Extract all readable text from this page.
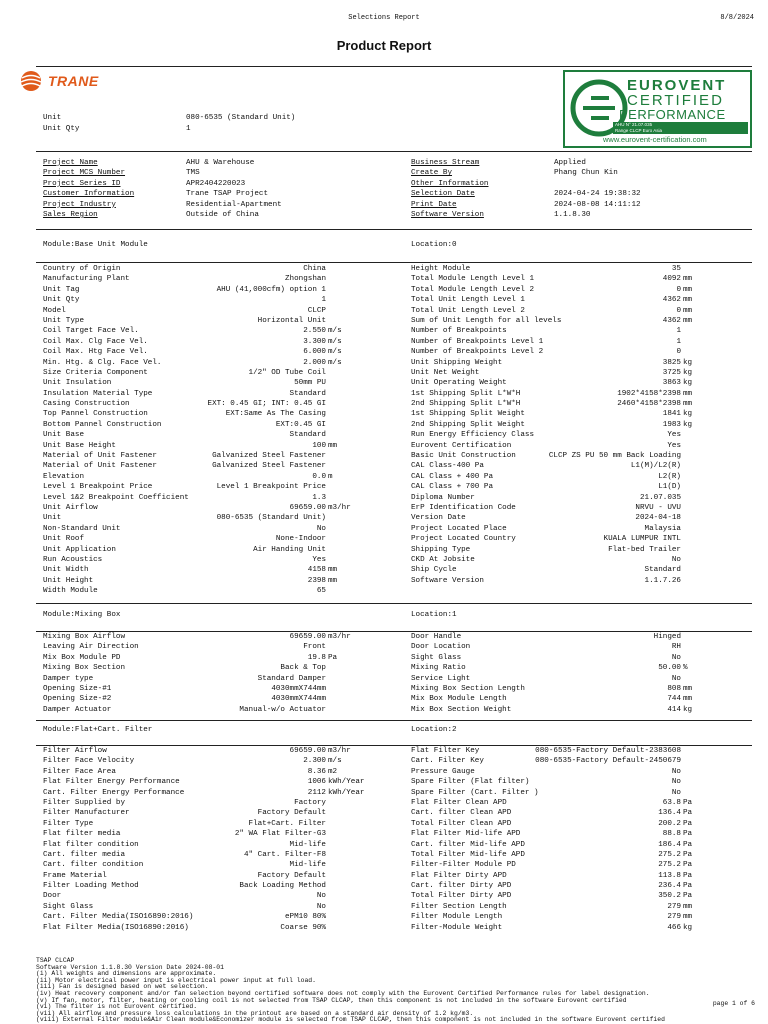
Selections Report	8/8/2024
Product Report
TRANE	EUROVENT
CERTIFIED
PERFORMANCE
AHU N° 21.07.035
Range CLCP Euro Asia
www.eurovent-certification.com
Unit	080-6535 (Standard Unit)
Unit Qty	1
Project Name	AHU & Warehouse
Project MCS Number	TMS
Project Series ID	APR2404220023
Customer Information	Trane TSAP Project
Project Industry	Residential-Apartment
Sales Region	Outside of China
Business Stream	Applied
Create By	Phang Chun Kin
Other Information
Selection Date	2024-04-24 19:38:32
Print Date	2024-08-08 14:11:12
Software Version	1.1.8.30
Module:Base Unit Module	Location:0
Country of Origin	China
Manufacturing Plant	Zhongshan
Unit Tag	AHU (41,000cfm) option 1
Unit Qty	1
Model	CLCP
Unit Type	Horizontal Unit
Coil Target Face Vel.	2.550 m/s
Coil Max. Clg Face Vel.	3.300 m/s
Coil Max. Htg Face Vel.	6.000 m/s
Min. Htg. & Clg. Face Vel.	2.000 m/s
Size Criteria Component	1/2" OD Tube Coil
Unit Insulation	50mm PU
Insulation Material Type	Standard
Casing Construction	EXT: 0.45 GI; INT: 0.45 GI
Top Pannel Construction	EXT:Same As The Casing
Bottom Pannel Construction	EXT:0.45 GI
Unit Base	Standard
Unit Base Height	100 mm
Material of Unit Fastener	Galvanized Steel Fastener
Material of Unit Fastener	Galvanized Steel Fastener
Elevation	0.0 m
Level 1 Breakpoint Price	Level 1 Breakpoint Price
Level 1&2 Breakpoint Coefficient	1.3
Unit Airflow	69659.00 m3/hr
Unit	080-6535 (Standard Unit)
Non-Standard Unit	No
Unit Roof	None-Indoor
Unit Application	Air Handing Unit
Run Acoustics	Yes
Unit Width	4158 mm
Unit Height	2398 mm
Width Module	65
Height Module	35
Total Module Length Level 1	4092 mm
Total Module Length Level 2	0 mm
Total Unit Length Level 1	4362 mm
Total Unit Length Level 2	0 mm
Sum of Unit Length for all levels	4362 mm
Number of Breakpoints	1
Number of Breakpoints Level 1	1
Number of Breakpoints Level 2	0
Unit Shipping Weight	3825 kg
Unit Net Weight	3725 kg
Unit Operating Weight	3863 kg
1st Shipping Split L*W*H	1902*4158*2398 mm
2nd Shipping Split L*W*H	2460*4158*2398 mm
1st Shipping Split Weight	1841 kg
2nd Shipping Split Weight	1983 kg
Run Energy Efficiency Class	Yes
Eurovent Certification	Yes
Basic Unit Construction	CLCP ZS PU 50 mm Back Loading
CAL Class-400 Pa	L1(M)/L2(R)
CAL Class + 400 Pa	L2(R)
CAL Class + 700 Pa	L1(D)
Diploma Number	21.07.035
ErP Identification Code	NRVU - UVU
Version Date	2024-04-18
Project Located Place	Malaysia
Project Located Country	KUALA LUMPUR INTL
Shipping Type	Flat-bed Trailer
CKD At Jobsite	No
Ship Cycle	Standard
Software Version	1.1.7.26
Module:Mixing Box	Location:1
Mixing Box Airflow	69659.00 m3/hr
Leaving Air Direction	Front
Mix Box Module PD	19.8 Pa
Mixing Box Section	Back & Top
Damper type	Standard Damper
Opening Size-#1	4030mmX744mm
Opening Size-#2	4030mmX744mm
Damper Actuator	Manual-w/o Actuator
Door Handle	Hinged
Door Location	RH
Sight Glass	No
Mixing Ratio	50.00 %
Service Light	No
Mixing Box Section Length	808 mm
Mix Box Module Length	744 mm
Mix Box Section Weight	414 kg
Module:Flat+Cart. Filter	Location:2
Filter Airflow	69659.00 m3/hr
Filter Face Velocity	2.300 m/s
Filter Face Area	8.36 m2
Flat Filter Energy Performance	1006 kWh/Year
Cart. Filter Energy Performance	2112 kWh/Year
Filter Supplied by	Factory
Filter Manufacturer	Factory Default
Filter Type	Flat+Cart. Filter
Flat filter media	2" WA Flat Filter-G3
Flat filter condition	Mid-life
Cart. filter media	4" Cart. Filter-F8
Cart. filter condition	Mid-life
Frame Material	Factory Default
Filter Loading Method	Back Loading Method
Door	No
Sight Glass	No
Cart. Filter Media(ISO16890:2016)	ePM10 80%
Flat Filter Media(ISO16890:2016)	Coarse 90%
Flat Filter Key	080-6535-Factory Default-2383608
Cart. Filter Key	080-6535-Factory Default-2450679
Pressure Gauge	No
Spare Filter (Flat filter)	No
Spare Filter (Cart. Filter )	No
Flat Filter Clean APD	63.8 Pa
Cart. filter Clean APD	136.4 Pa
Total Filter Clean APD	200.2 Pa
Flat Filter Mid-life APD	88.8 Pa
Cart. filter Mid-life APD	186.4 Pa
Total Filter Mid-life APD	275.2 Pa
Filter-Filter Module PD	275.2 Pa
Flat Filter Dirty APD	113.8 Pa
Cart. filter Dirty APD	236.4 Pa
Total Filter Dirty APD	350.2 Pa
Filter Section Length	279 mm
Filter Module Length	279 mm
Filter-Module Weight	466 kg
TSAP CLCAP
Software Version 1.1.8.30 Version Date 2024-08-01
(i) All weights and dimensions are approximate.
(ii) Motor electrical power input is electrical power input at full load.
(iii) Fan is designed based on wet selection.
(iv) Heat recovery component and/or fan selection beyond certified software does not comply with the Eurovent Certified Performance rules for label designation.
(v) If fan, motor, filter, heating or cooling coil is not selected from TSAP CLCAP, then this component is not included in the software Eurovent certified
(vi) The filter is not Eurovent certified.
(vii) All airflow and pressure loss calculations in the printout are based on a standard air density of 1.2 kg/m3.
(viii) External Filter module&Air Clean module&Economizer module is selected from TSAP CLCAP, then this component is not included in the software Eurovent certified
page 1 of 6
